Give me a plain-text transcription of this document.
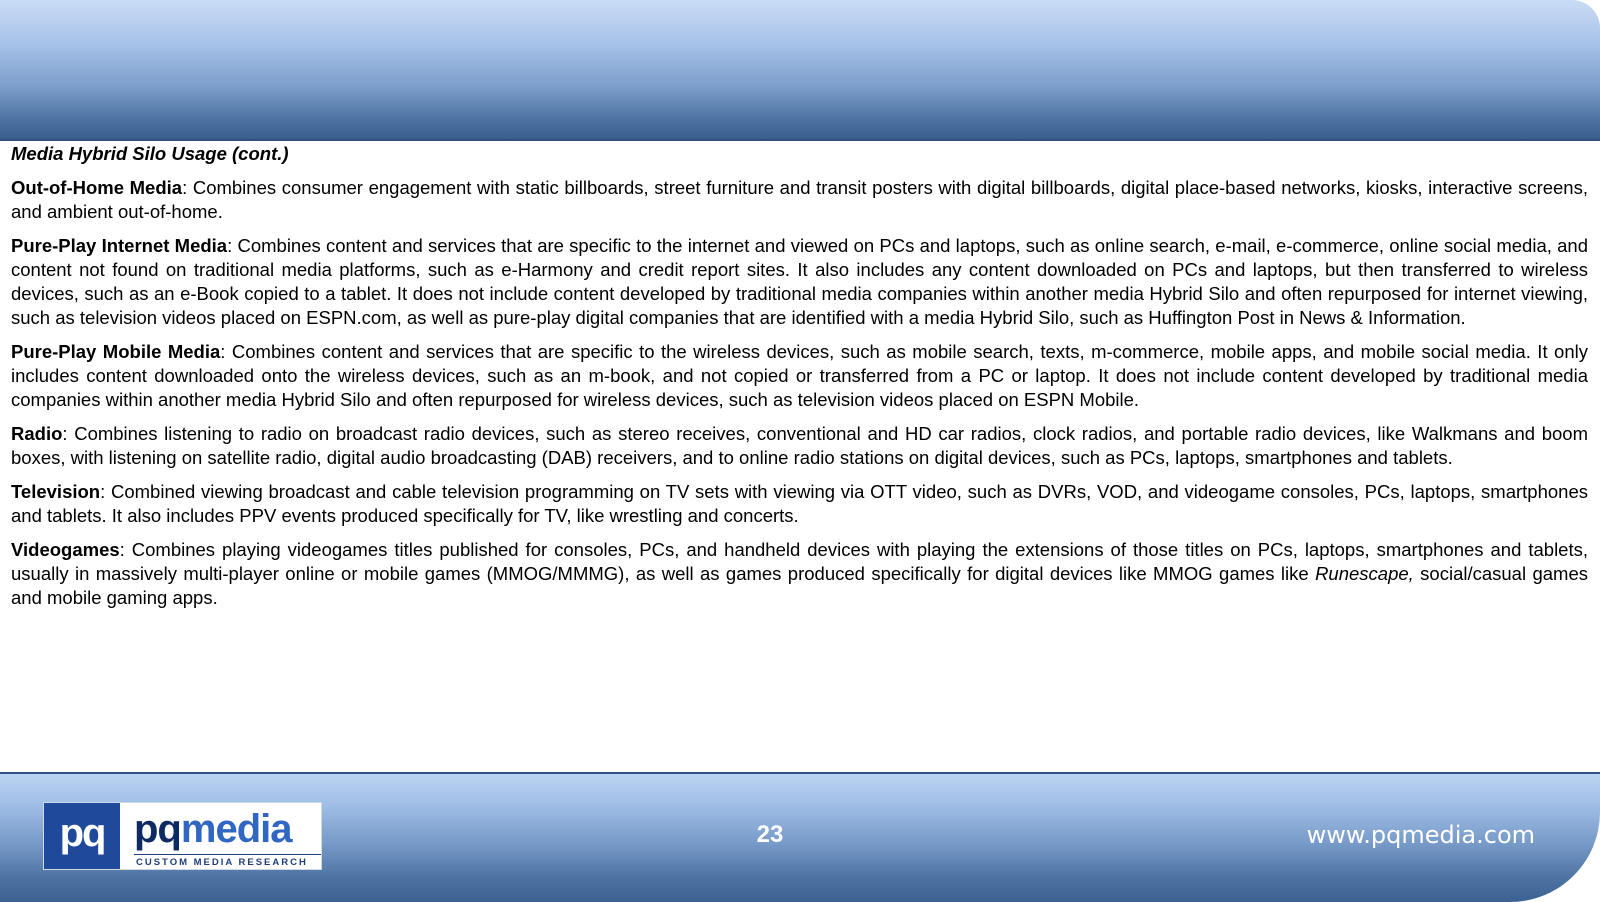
Media Hybrid Silo Usage (cont.)

Out-of-Home Media: Combines consumer engagement with static billboards, street furniture and transit posters with digital billboards, digital place-based networks, kiosks, interactive screens, and ambient out-of-home.

Pure-Play Internet Media: Combines content and services that are specific to the internet and viewed on PCs and laptops, such as online search, e-mail, e-commerce, online social media, and content not found on traditional media platforms, such as e-Harmony and credit report sites. It also includes any content downloaded on PCs and laptops, but then transferred to wireless devices, such as an e-Book copied to a tablet. It does not include content developed by traditional media companies within another media Hybrid Silo and often repurposed for internet viewing, such as television videos placed on ESPN.com, as well as pure-play digital companies that are identified with a media Hybrid Silo, such as Huffington Post in News & Information.

Pure-Play Mobile Media: Combines content and services that are specific to the wireless devices, such as mobile search, texts, m-commerce, mobile apps, and mobile social media. It only includes content downloaded onto the wireless devices, such as an m-book, and not copied or transferred from a PC or laptop. It does not include content developed by traditional media companies within another media Hybrid Silo and often repurposed for wireless devices, such as television videos placed on ESPN Mobile.

Radio: Combines listening to radio on broadcast radio devices, such as stereo receives, conventional and HD car radios, clock radios, and portable radio devices, like Walkmans and boom boxes, with listening on satellite radio, digital audio broadcasting (DAB) receivers, and to online radio stations on digital devices, such as PCs, laptops, smartphones and tablets.

Television: Combined viewing broadcast and cable television programming on TV sets with viewing via OTT video, such as DVRs, VOD, and videogame consoles, PCs, laptops, smartphones and tablets. It also includes PPV events produced specifically for TV, like wrestling and concerts.

Videogames: Combines playing videogames titles published for consoles, PCs, and handheld devices with playing the extensions of those titles on PCs, laptops, smartphones and tablets, usually in massively multi-player online or mobile games (MMOG/MMMG), as well as games produced specifically for digital devices like MMOG games like Runescape, social/casual games and mobile gaming apps.

pq pqmedia
CUSTOM MEDIA RESEARCH
23	www.pqmedia.com
